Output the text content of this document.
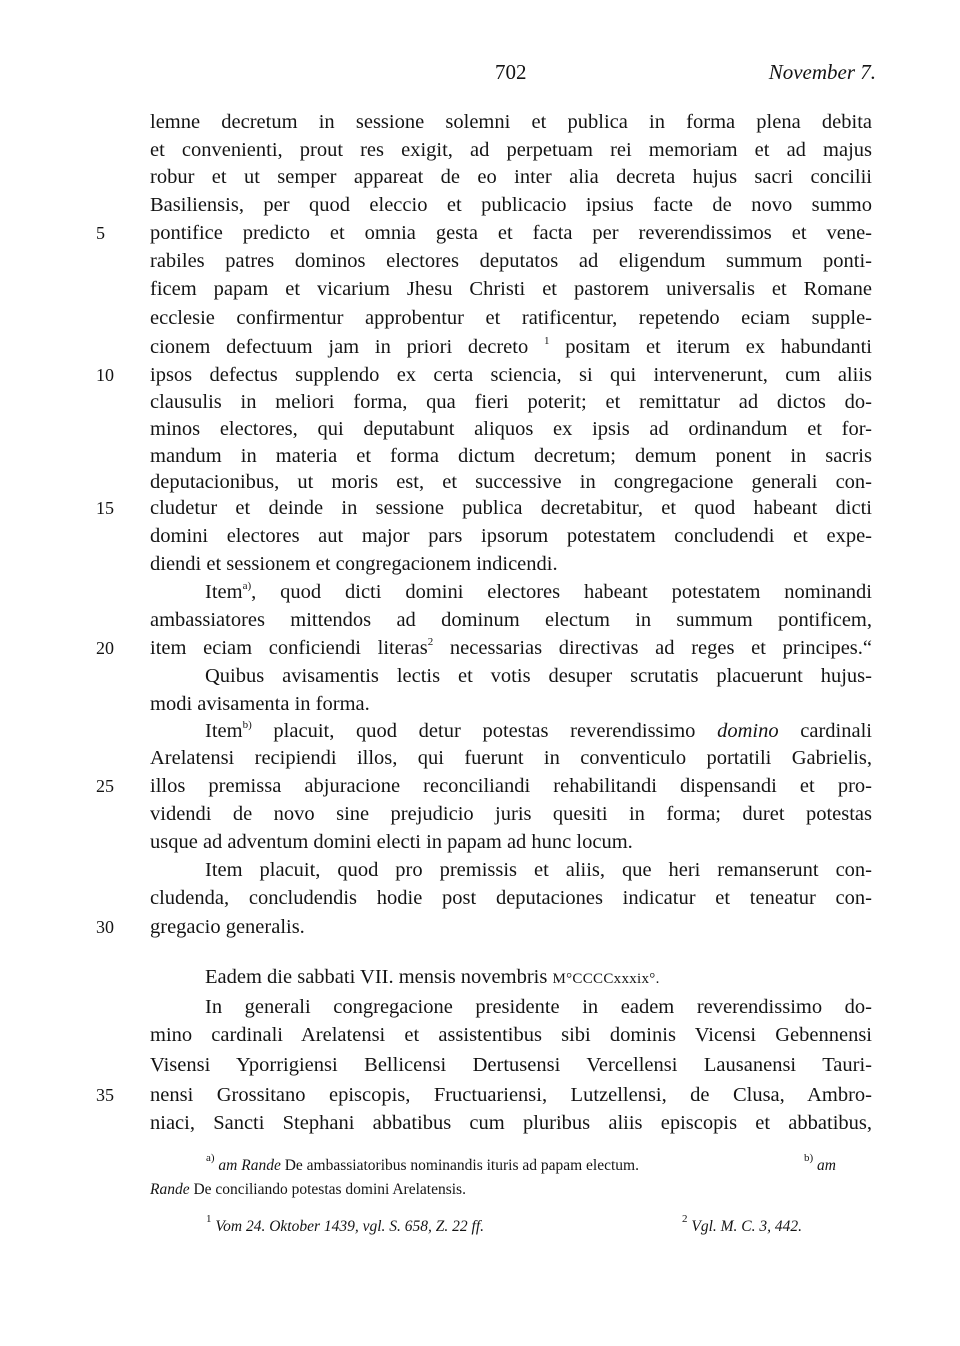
702	November 7.
5
10
15
20
25
30
35
lemne decretum in sessione solemni et publica in forma plena debita
et convenienti, prout res exigit, ad perpetuam rei memoriam et ad majus
robur et ut semper appareat de eo inter alia decreta hujus sacri concilii
Basiliensis, per quod eleccio et publicacio ipsius facte de novo summo
pontifice predicto et omnia gesta et facta per reverendissimos et vene-
rabiles patres dominos electores deputatos ad eligendum summum ponti-
ficem papam et vicarium Jhesu Christi et pastorem universalis et Romane
ecclesie confirmentur approbentur et ratificentur, repetendo eciam supple-
cionem defectuum jam in priori decreto $^1$ positam et iterum ex habundanti
ipsos defectus supplendo ex certa sciencia, si qui intervenerunt, cum aliis
clausulis in meliori forma, qua fieri poterit; et remittatur ad dictos do-
minos electores, qui deputabunt aliquos ex ipsis ad ordinandum et for-
mandum in materia et forma dictum decretum; demum ponent in sacris
deputacionibus, ut moris est, et successive in congregacione generali con-
cludetur et deinde in sessione publica decretabitur, et quod habeant dicti
domini electores aut major pars ipsorum potestatem concludendi et expe-
diendi et sessionem et congregacionem indicendi.
Item$^{a)}$, quod dicti domini electores habeant potestatem nominandi
ambassiatores mittendos ad dominum electum in summum pontificem,
item eciam conficiendi literas$^2$ necessarias directivas ad reges et principes.“
Quibus avisamentis lectis et votis desuper scrutatis placuerunt hujus-
modi avisamenta in forma.
Item$^{b)}$ placuit, quod detur potestas reverendissimo domino cardinali
Arelatensi recipiendi illos, qui fuerunt in conventiculo portatili Gabrielis,
illos premissa abjuracione reconciliandi rehabilitandi dispensandi et pro-
videndi de novo sine prejudicio juris quesiti in forma; duret potestas
usque ad adventum domini electi in papam ad hunc locum.
Item placuit, quod pro premissis et aliis, que heri remanserunt con-
cludenda, concludendis hodie post deputaciones indicatur et teneatur con-
gregacio generalis.
Eadem die sabbati VII. mensis novembris M°CCCCxxxix°.
In generali congregacione presidente in eadem reverendissimo do-
mino cardinali Arelatensi et assistentibus sibi dominis Vicensi Gebennensi
Visensi Yporrigiensi Bellicensi Dertusensi Vercellensi Lausanensi Tauri-
nensi Grossitano episcopis, Fructuariensi, Lutzellensi, de Clusa, Ambro-
niaci, Sancti Stephani abbatibus cum pluribus aliis episcopis et abbatibus,
$^{a)}$ am Rande De ambassiatoribus nominandis ituris ad papam electum.	$^{b)}$ am
Rande De conciliando potestas domini Arelatensis.
$^1$ Vom 24. Oktober 1439, vgl. S. 658, Z. 22 ff.	$^2$ Vgl. M. C. 3, 442.
